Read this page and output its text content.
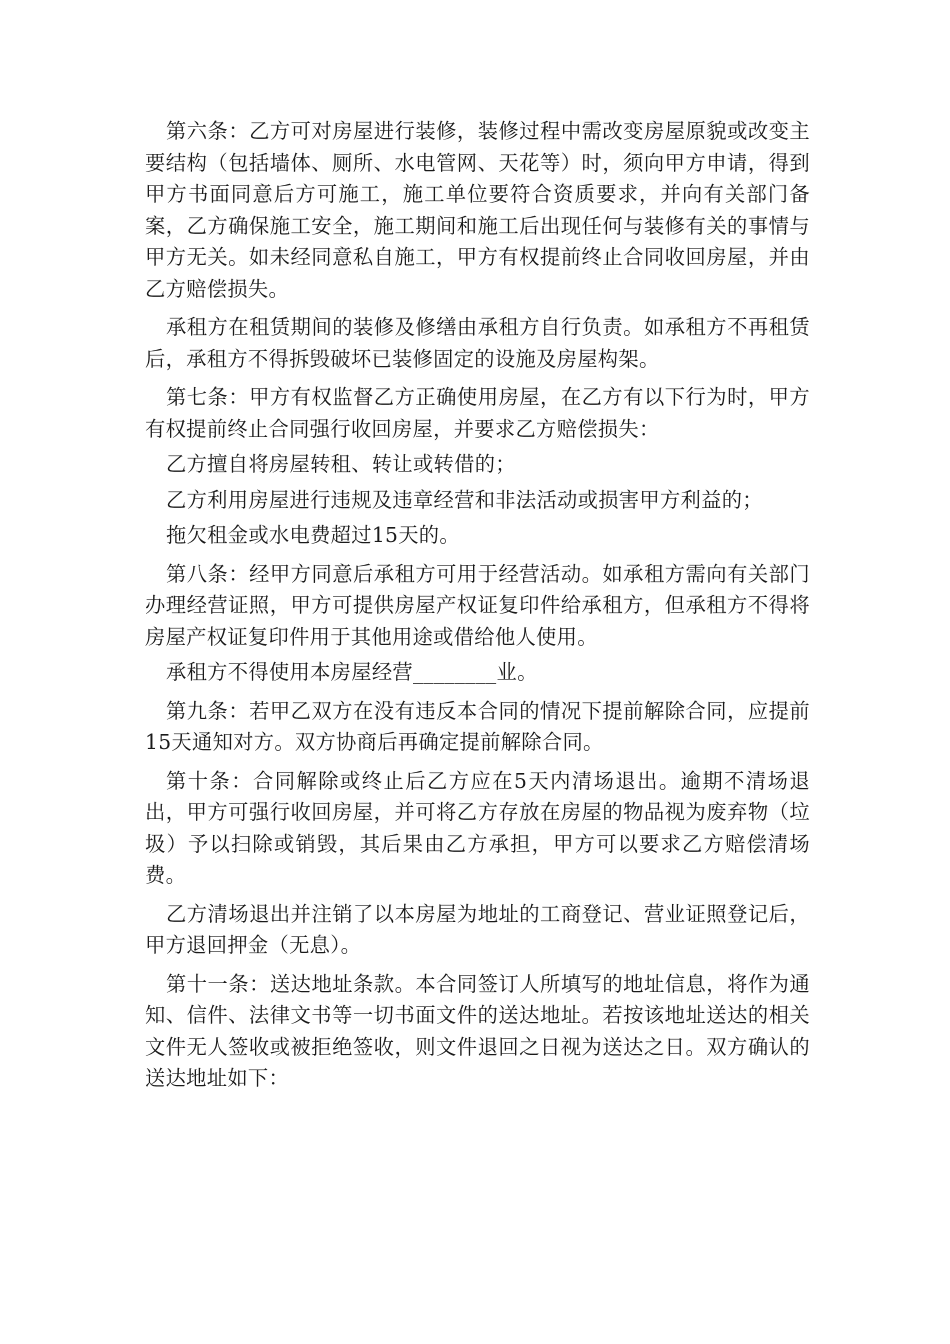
第六条：乙方可对房屋进行装修，装修过程中需改变房屋原貌或改变主要结构（包括墙体、厕所、水电管网、天花等）时，须向甲方申请，得到甲方书面同意后方可施工，施工单位要符合资质要求，并向有关部门备案，乙方确保施工安全，施工期间和施工后出现任何与装修有关的事情与甲方无关。如未经同意私自施工，甲方有权提前终止合同收回房屋，并由乙方赔偿损失。

承租方在租赁期间的装修及修缮由承租方自行负责。如承租方不再租赁后，承租方不得拆毁破坏已装修固定的设施及房屋构架。

第七条：甲方有权监督乙方正确使用房屋，在乙方有以下行为时，甲方有权提前终止合同强行收回房屋，并要求乙方赔偿损失：

乙方擅自将房屋转租、转让或转借的；

乙方利用房屋进行违规及违章经营和非法活动或损害甲方利益的；

拖欠租金或水电费超过15天的。

第八条：经甲方同意后承租方可用于经营活动。如承租方需向有关部门办理经营证照，甲方可提供房屋产权证复印件给承租方，但承租方不得将房屋产权证复印件用于其他用途或借给他人使用。

承租方不得使用本房屋经营________业。

第九条：若甲乙双方在没有违反本合同的情况下提前解除合同，应提前15天通知对方。双方协商后再确定提前解除合同。

第十条：合同解除或终止后乙方应在5天内清场退出。逾期不清场退出，甲方可强行收回房屋，并可将乙方存放在房屋的物品视为废弃物（垃圾）予以扫除或销毁，其后果由乙方承担，甲方可以要求乙方赔偿清场费。

乙方清场退出并注销了以本房屋为地址的工商登记、营业证照登记后，甲方退回押金（无息）。

第十一条：送达地址条款。本合同签订人所填写的地址信息，将作为通知、信件、法律文书等一切书面文件的送达地址。若按该地址送达的相关文件无人签收或被拒绝签收，则文件退回之日视为送达之日。双方确认的送达地址如下：
